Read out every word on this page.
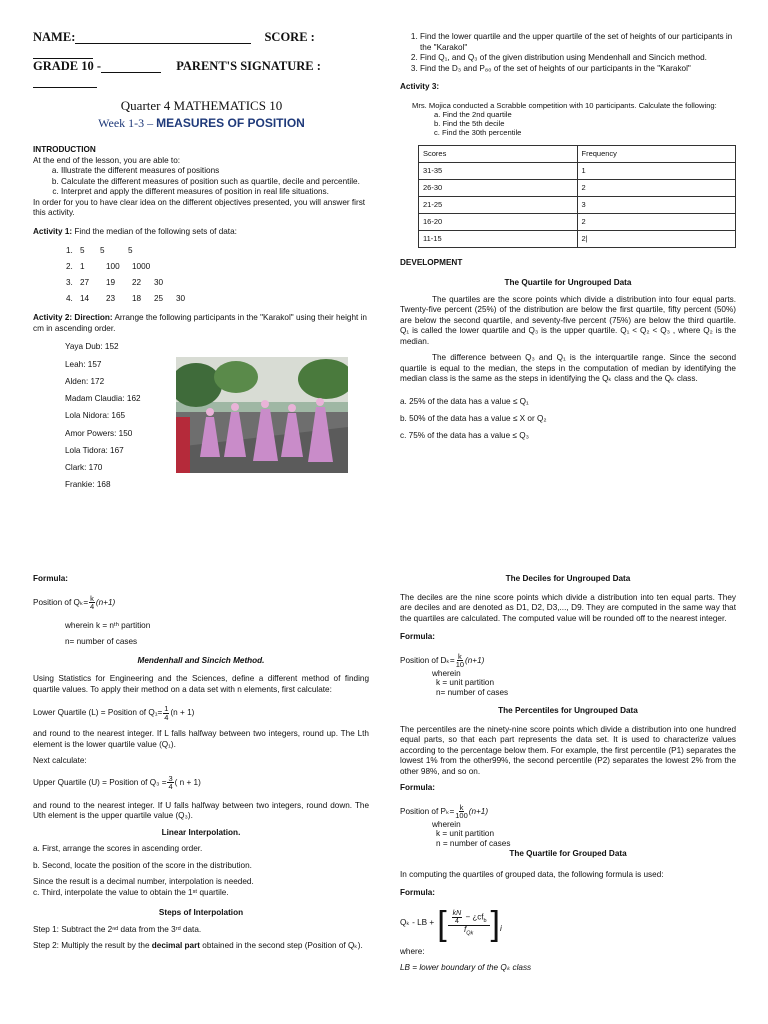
NAME:	SCORE :
GRADE 10 -	PARENT'S SIGNATURE :
Quarter 4 MATHEMATICS 10
Week 1-3 – MEASURES OF POSITION
INTRODUCTION

At the end of the lesson, you are able to:

a. Illustrate the different measures of positions
b. Calculate the different measures of position such as quartile, decile and percentile.
c. Interpret and apply the different measures of position in real life situations.

In order for you to have clear idea on the different objectives presented, you will answer first this activity.

Activity 1: Find the median of the following sets of data:

1. 5 5	5
2. 1	100 1000
3. 27 19 22 30
4. 14 23 18 25 30

Activity 2: Direction: Arrange the following participants in the "Karakol" using their height in cm in ascending order.

Yaya Dub: 152
Leah: 157
Alden: 172
Madam Claudia: 162
Lola Nidora: 165
Amor Powers: 150
Lola Tidora: 167
Clark: 170
Frankie: 168
1. Find the lower quartile and the upper quartile of the set of heights of our participants in the "Karakol"
2. Find Q₁, and Q₃ of the given distribution using Mendenhall and Sincich method.
3. Find the D₃ and P₈₀ of the set of heights of our participants in the "Karakol"
Activity 3:
Mrs. Mojica conducted a Scrabble competition with 10 participants. Calculate the following:
a. Find the 2nd quartile
b. Find the 5th decile
c. Find the 30th percentile
Scores	Frequency
31-35	1
26-30	2
21-25	3
16-20	2
11-15	2|
DEVELOPMENT
The Quartile for Ungrouped Data

The quartiles are the score points which divide a distribution into four equal parts. Twenty-five percent (25%) of the distribution are below the first quartile, fifty percent (50%) are below the second quartile, and seventy-five percent (75%) are below the third quartile. Q₁ is called the lower quartile and Q₃ is the upper quartile. Q₁ < Q₂ < Q₃ , where Q₂ is the median.

The difference between Q₃ and Q₁ is the interquartile range. Since the second quartile is equal to the median, the steps in the computation of median by identifying the median class is the same as the steps in identifying the Qₖ class and the Qₖ class.

a. 25% of the data has a value ≤ Q₁
b. 50% of the data has a value ≤ X or Q₂
c. 75% of the data has a value ≤ Q₃
Formula:
Position of $Q_k= \frac{k}{4} (n+1)$
wherein k = nᵗʰ partition
n= number of cases
Mendenhall and Sincich Method.

Using Statistics for Engineering and the Sciences, define a different method of finding quartile values. To apply their method on a data set with n elements, first calculate:

Lower Quartile (L) = Position of $Q_1= \frac{1}{4} (n + 1)$

and round to the nearest integer. If L falls halfway between two integers, round up. The Lth element is the lower quartile value (Q₁).

Next calculate:

Upper Quartile (U) = Position of $Q_3 = \frac{3}{4}$ ( n + 1)

and round to the nearest integer. If U falls halfway between two integers, round down. The Uth element is the upper quartile value (Q₃).

Linear Interpolation.

a. First, arrange the scores in ascending order.

b. Second, locate the position of the score in the distribution.

Since the result is a decimal number, interpolation is needed.

c. Third, interpolate the value to obtain the 1ˢᵗ quartile.

Steps of Interpolation

Step 1: Subtract the 2ⁿᵈ data from the 3ʳᵈ data.

Step 2: Multiply the result by the decimal part obtained in the second step (Position of Qₖ).

The Deciles for Ungrouped Data

The deciles are the nine score points which divide a distribution into ten equal parts. They are deciles and are denoted as D1, D2, D3,..., D9. They are computed in the same way that the quartiles are calculated. The computed value will be rounded off to the nearest integer.

Formula:
Position of $D_k= \frac{k}{10} (n+1)$
wherein
k = unit partition
n= number of cases
The Percentiles for Ungrouped Data

The percentiles are the ninety-nine score points which divide a distribution into one hundred equal parts, so that each part represents the data set. It is used to characterize values according to the percentage below them. For example, the first percentile (P1) separates the lowest 1% from the other99%, the second percentile (P2) separates the lowest 2% from the other 98%, and so on.

Formula:
Position of $P_k= \frac{k}{100} (n+1)$
wherein
k = unit partition
n = number of cases
The Quartile for Grouped Data

In computing the quartiles of grouped data, the following formula is used:

Formula:
Qₖ - LB + [ $\frac{\frac{kN}{4} - ¿cf_b}{f_{Qk}}$ ] i

where:

LB = lower boundary of the Qₖ class
